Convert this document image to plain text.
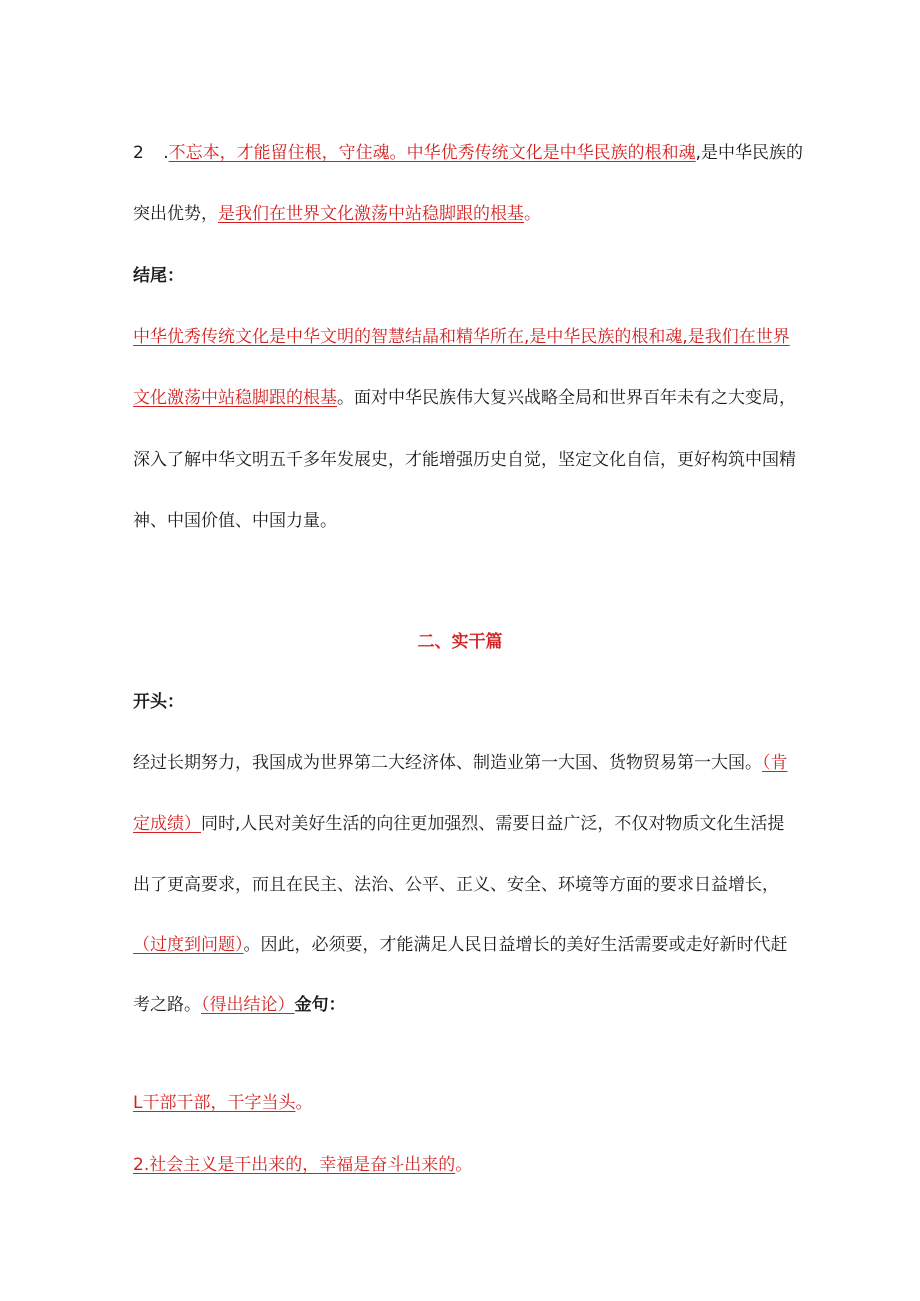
2 .不忘本，才能留住根，守住魂。中华优秀传统文化是中华民族的根和魂,是中华民族的
突出优势，是我们在世界文化激荡中站稳脚跟的根基。
结尾：
中华优秀传统文化是中华文明的智慧结晶和精华所在,是中华民族的根和魂,是我们在世界
文化激荡中站稳脚跟的根基。面对中华民族伟大复兴战略全局和世界百年未有之大变局，
深入了解中华文明五千多年发展史，才能增强历史自觉，坚定文化自信，更好构筑中国精
神、中国价值、中国力量。
二、实干篇
开头：
经过长期努力，我国成为世界第二大经济体、制造业第一大国、货物贸易第一大国。（肯
定成绩）同时,人民对美好生活的向往更加强烈、需要日益广泛，不仅对物质文化生活提
出了更高要求，而且在民主、法治、公平、正义、安全、环境等方面的要求日益增长，
（过度到问题）。因此，必须要，才能满足人民日益增长的美好生活需要或走好新时代赶
考之路。（得出结论）金句：
L干部干部，干字当头。
2.社会主义是干出来的，幸福是奋斗出来的。
